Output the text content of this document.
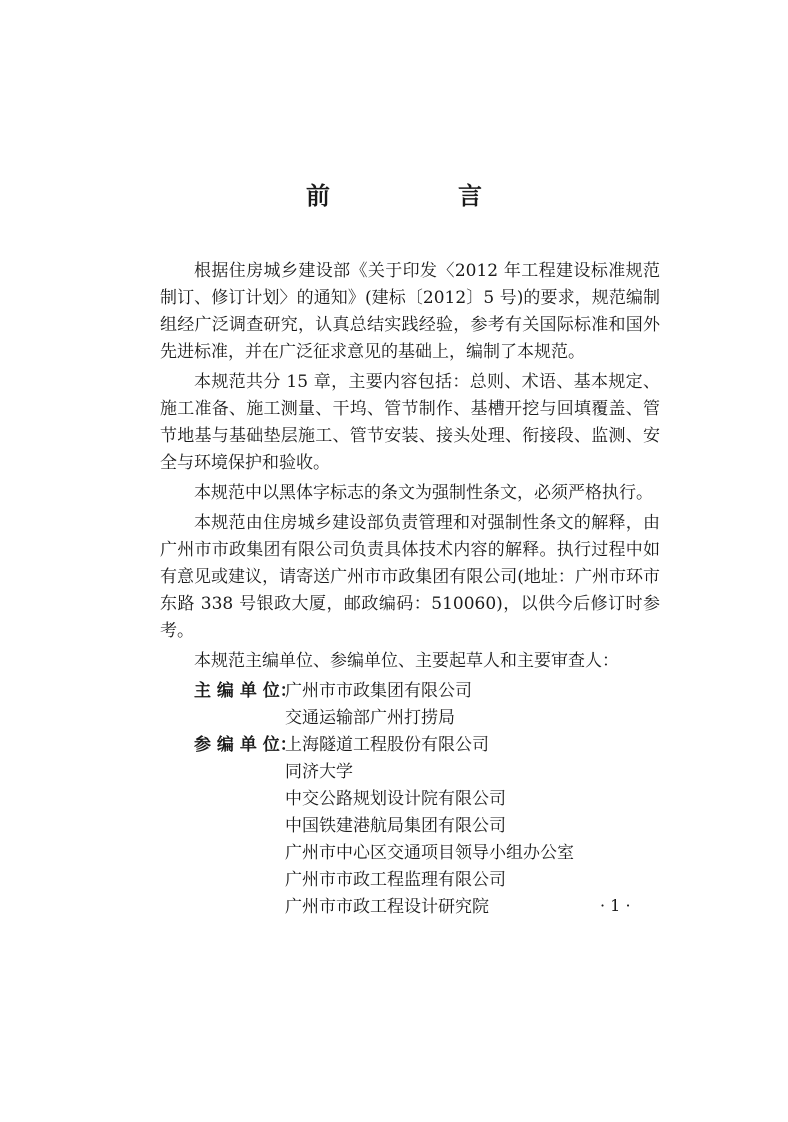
前　言

根据住房城乡建设部《关于印发〈2012 年工程建设标准规范制订、修订计划〉的通知》(建标〔2012〕5 号)的要求，规范编制组经广泛调查研究，认真总结实践经验，参考有关国际标准和国外先进标准，并在广泛征求意见的基础上，编制了本规范。

本规范共分 15 章，主要内容包括：总则、术语、基本规定、施工准备、施工测量、干坞、管节制作、基槽开挖与回填覆盖、管节地基与基础垫层施工、管节安装、接头处理、衔接段、监测、安全与环境保护和验收。

本规范中以黑体字标志的条文为强制性条文，必须严格执行。

本规范由住房城乡建设部负责管理和对强制性条文的解释，由广州市市政集团有限公司负责具体技术内容的解释。执行过程中如有意见或建议，请寄送广州市市政集团有限公司(地址：广州市环市东路 338 号银政大厦，邮政编码：510060)，以供今后修订时参考。

本规范主编单位、参编单位、主要起草人和主要审查人：

主 编 单 位：
广州市市政集团有限公司
交通运输部广州打捞局
参 编 单 位：
上海隧道工程股份有限公司
同济大学
中交公路规划设计院有限公司
中国铁建港航局集团有限公司
广州市中心区交通项目领导小组办公室
广州市市政工程监理有限公司
广州市市政工程设计研究院	· 1 ·
